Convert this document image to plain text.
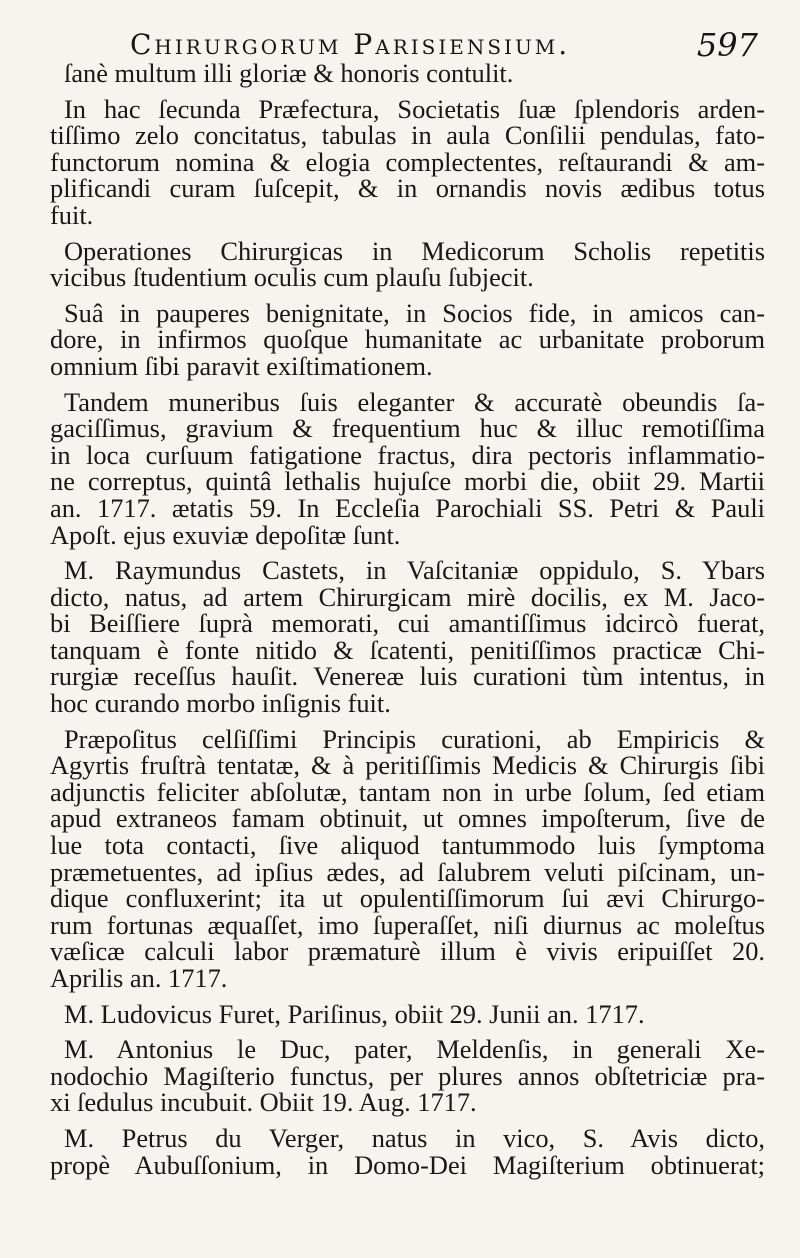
Chirurgorum Parisiensium.	597
ſanè multum illi gloriæ & honoris contulit.
In hac ſecunda Præfectura, Societatis ſuæ ſplendoris arden-
tiſſimo zelo concitatus, tabulas in aula Conſilii pendulas, fato-
functorum nomina & elogia complectentes, reſtaurandi & am-
plificandi curam ſuſcepit, & in ornandis novis ædibus totus
fuit.
Operationes Chirurgicas in Medicorum Scholis repetitis
vicibus ſtudentium oculis cum plauſu ſubjecit.
Suâ in pauperes benignitate, in Socios fide, in amicos can-
dore, in infirmos quoſque humanitate ac urbanitate proborum
omnium ſibi paravit exiſtimationem.
Tandem muneribus ſuis eleganter & accuratè obeundis ſa-
gaciſſimus, gravium & frequentium huc & illuc remotiſſima
in loca curſuum fatigatione fractus, dira pectoris inflammatio-
ne correptus, quintâ lethalis hujuſce morbi die, obiit 29. Martii
an. 1717. ætatis 59. In Eccleſia Parochiali SS. Petri & Pauli
Apoſt. ejus exuviæ depoſitæ ſunt.
M. Raymundus Castets, in Vaſcitaniæ oppidulo, S. Ybars
dicto, natus, ad artem Chirurgicam mirè docilis, ex M. Jaco-
bi Beiſſiere ſuprà memorati, cui amantiſſimus idcircò fuerat,
tanquam è fonte nitido & ſcatenti, penitiſſimos practicæ Chi-
rurgiæ receſſus hauſit. Venereæ luis curationi tùm intentus, in
hoc curando morbo inſignis fuit.
Præpoſitus celſiſſimi Principis curationi, ab Empiricis &
Agyrtis fruſtrà tentatæ, & à peritiſſimis Medicis & Chirurgis ſibi
adjunctis feliciter abſolutæ, tantam non in urbe ſolum, ſed etiam
apud extraneos famam obtinuit, ut omnes impoſterum, ſive de
lue tota contacti, ſive aliquod tantummodo luis ſymptoma
præmetuentes, ad ipſius ædes, ad ſalubrem veluti piſcinam, un-
dique confluxerint; ita ut opulentiſſimorum ſui ævi Chirurgo-
rum fortunas æquaſſet, imo ſuperaſſet, niſi diurnus ac moleſtus
væſicæ calculi labor præmaturè illum è vivis eripuiſſet 20.
Aprilis an. 1717.
M. Ludovicus Furet, Pariſinus, obiit 29. Junii an. 1717.
M. Antonius le Duc, pater, Meldenſis, in generali Xe-
nodochio Magiſterio functus, per plures annos obſtetriciæ pra-
xi ſedulus incubuit. Obiit 19. Aug. 1717.
M. Petrus du Verger, natus in vico, S. Avis dicto,
propè Aubuſſonium, in Domo-Dei Magiſterium obtinuerat;
